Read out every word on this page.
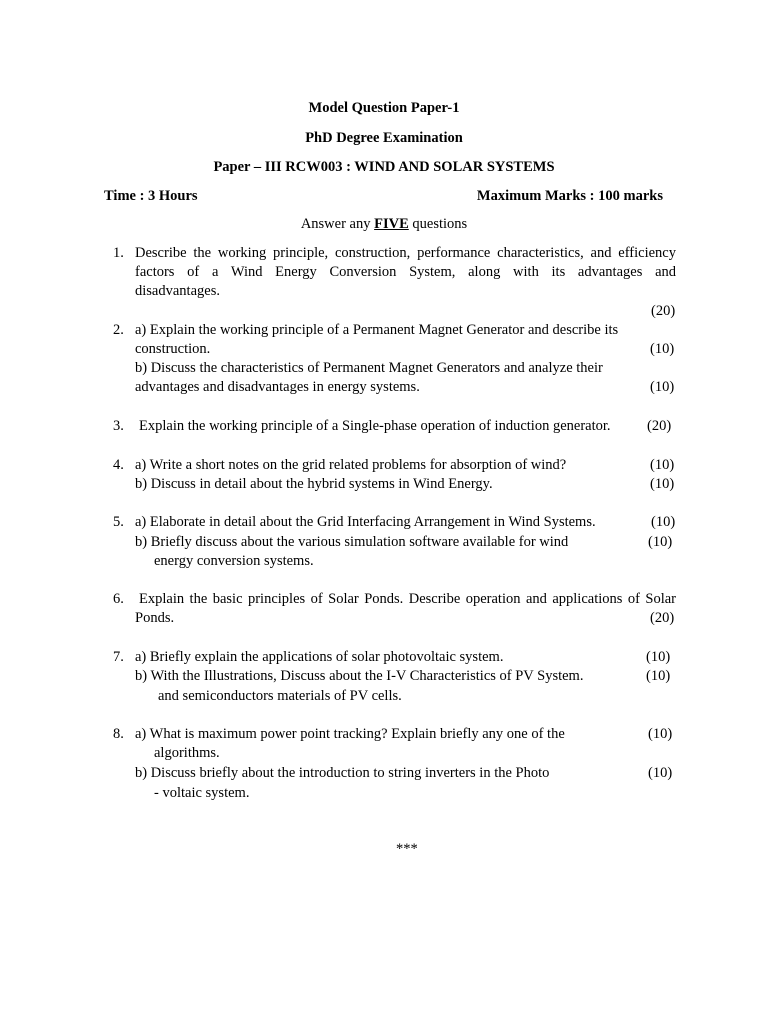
Model Question Paper-1
PhD Degree Examination
Paper – III RCW003 : WIND AND SOLAR SYSTEMS
Time : 3 Hours	Maximum Marks : 100 marks
Answer any FIVE questions
1. Describe the working principle, construction, performance characteristics, and efficiency
factors of a Wind Energy Conversion System, along with its advantages and
disadvantages.
(20)
2. a) Explain the working principle of a Permanent Magnet Generator and describe its
construction.	(10)
b) Discuss the characteristics of Permanent Magnet Generators and analyze their
advantages and disadvantages in energy systems.	(10)
3. Explain the working principle of a Single-phase operation of induction generator.	(20)
4. a) Write a short notes on the grid related problems for absorption of wind?	(10)
b) Discuss in detail about the hybrid systems in Wind Energy.	(10)
5. a) Elaborate in detail about the Grid Interfacing Arrangement in Wind Systems.	(10)
b) Briefly discuss about the various simulation software available for wind	(10)
energy conversion systems.
6. Explain the basic principles of Solar Ponds. Describe operation and applications of Solar
Ponds.	(20)
7. a) Briefly explain the applications of solar photovoltaic system.	(10)
b) With the Illustrations, Discuss about the I-V Characteristics of PV System.	(10)
and semiconductors materials of PV cells.
8. a) What is maximum power point tracking? Explain briefly any one of the	(10)
algorithms.
b) Discuss briefly about the introduction to string inverters in the Photo	(10)
- voltaic system.
***
